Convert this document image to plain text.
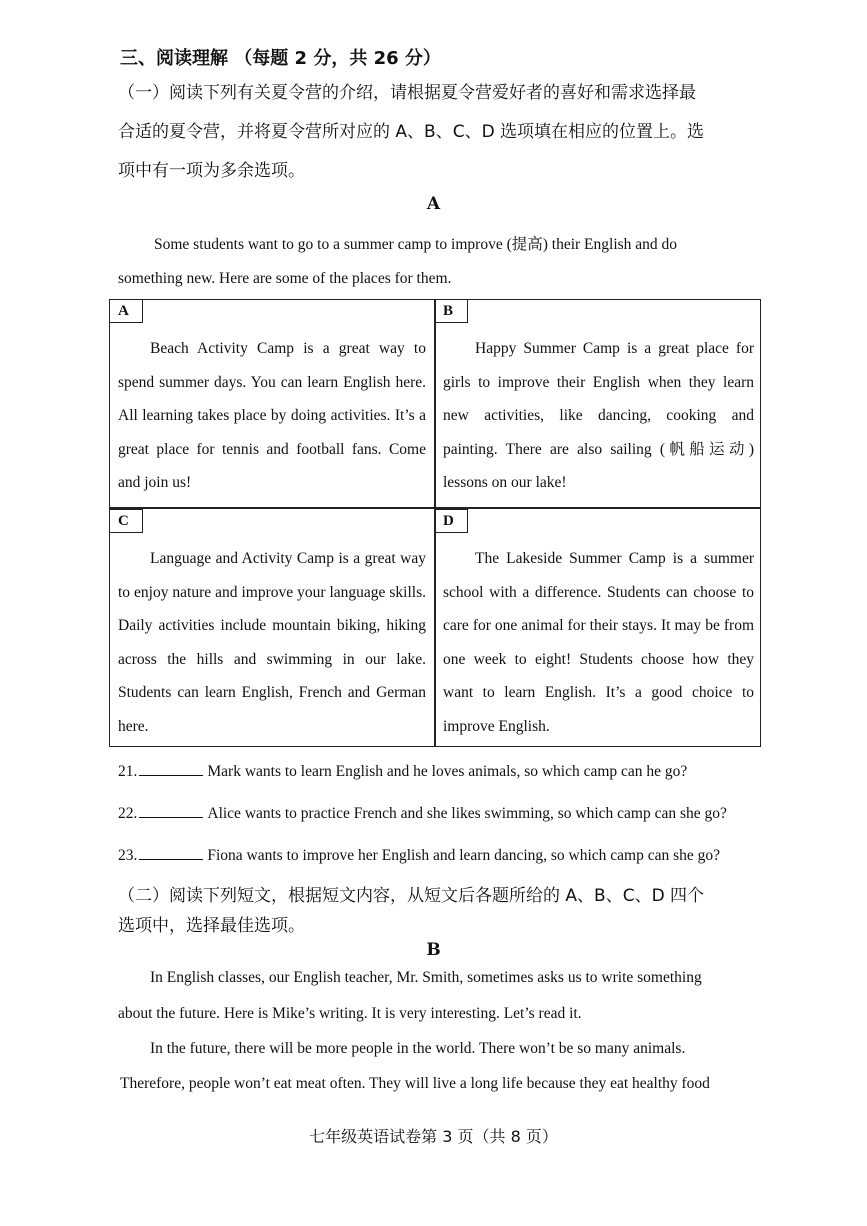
三、阅读理解 （每题 2 分，共 26 分）
（一）阅读下列有关夏令营的介绍，请根据夏令营爱好者的喜好和需求选择最
合适的夏令营，并将夏令营所对应的 A、B、C、D 选项填在相应的位置上。选
项中有一项为多余选项。
A
Some students want to go to a summer camp to improve (提高) their English and do
something new. Here are some of the places for them.
A

Beach Activity Camp is a great way to spend summer days. You can learn English here. All learning takes place by doing activities. It’s a great place for tennis and football fans. Come and join us!

B

Happy Summer Camp is a great place for girls to improve their English when they learn new activities, like dancing, cooking and painting. There are also sailing (帆船运动) lessons on our lake!

C

Language and Activity Camp is a great way to enjoy nature and improve your language skills. Daily activities include mountain biking, hiking across the hills and swimming in our lake. Students can learn English, French and German here.

D

The Lakeside Summer Camp is a summer school with a difference. Students can choose to care for one animal for their stays. It may be from one week to eight! Students choose how they want to learn English. It’s a good choice to improve English.

21.	Mark wants to learn English and he loves animals, so which camp can he go?
22.	Alice wants to practice French and she likes swimming, so which camp can she go?
23.	Fiona wants to improve her English and learn dancing, so which camp can she go?
（二）阅读下列短文，根据短文内容，从短文后各题所给的 A、B、C、D 四个
选项中，选择最佳选项。
B
In English classes, our English teacher, Mr. Smith, sometimes asks us to write something
about the future. Here is Mike’s writing. It is very interesting. Let’s read it.
In the future, there will be more people in the world. There won’t be so many animals.
Therefore, people won’t eat meat often. They will live a long life because they eat healthy food
七年级英语试卷第 3 页（共 8 页）
